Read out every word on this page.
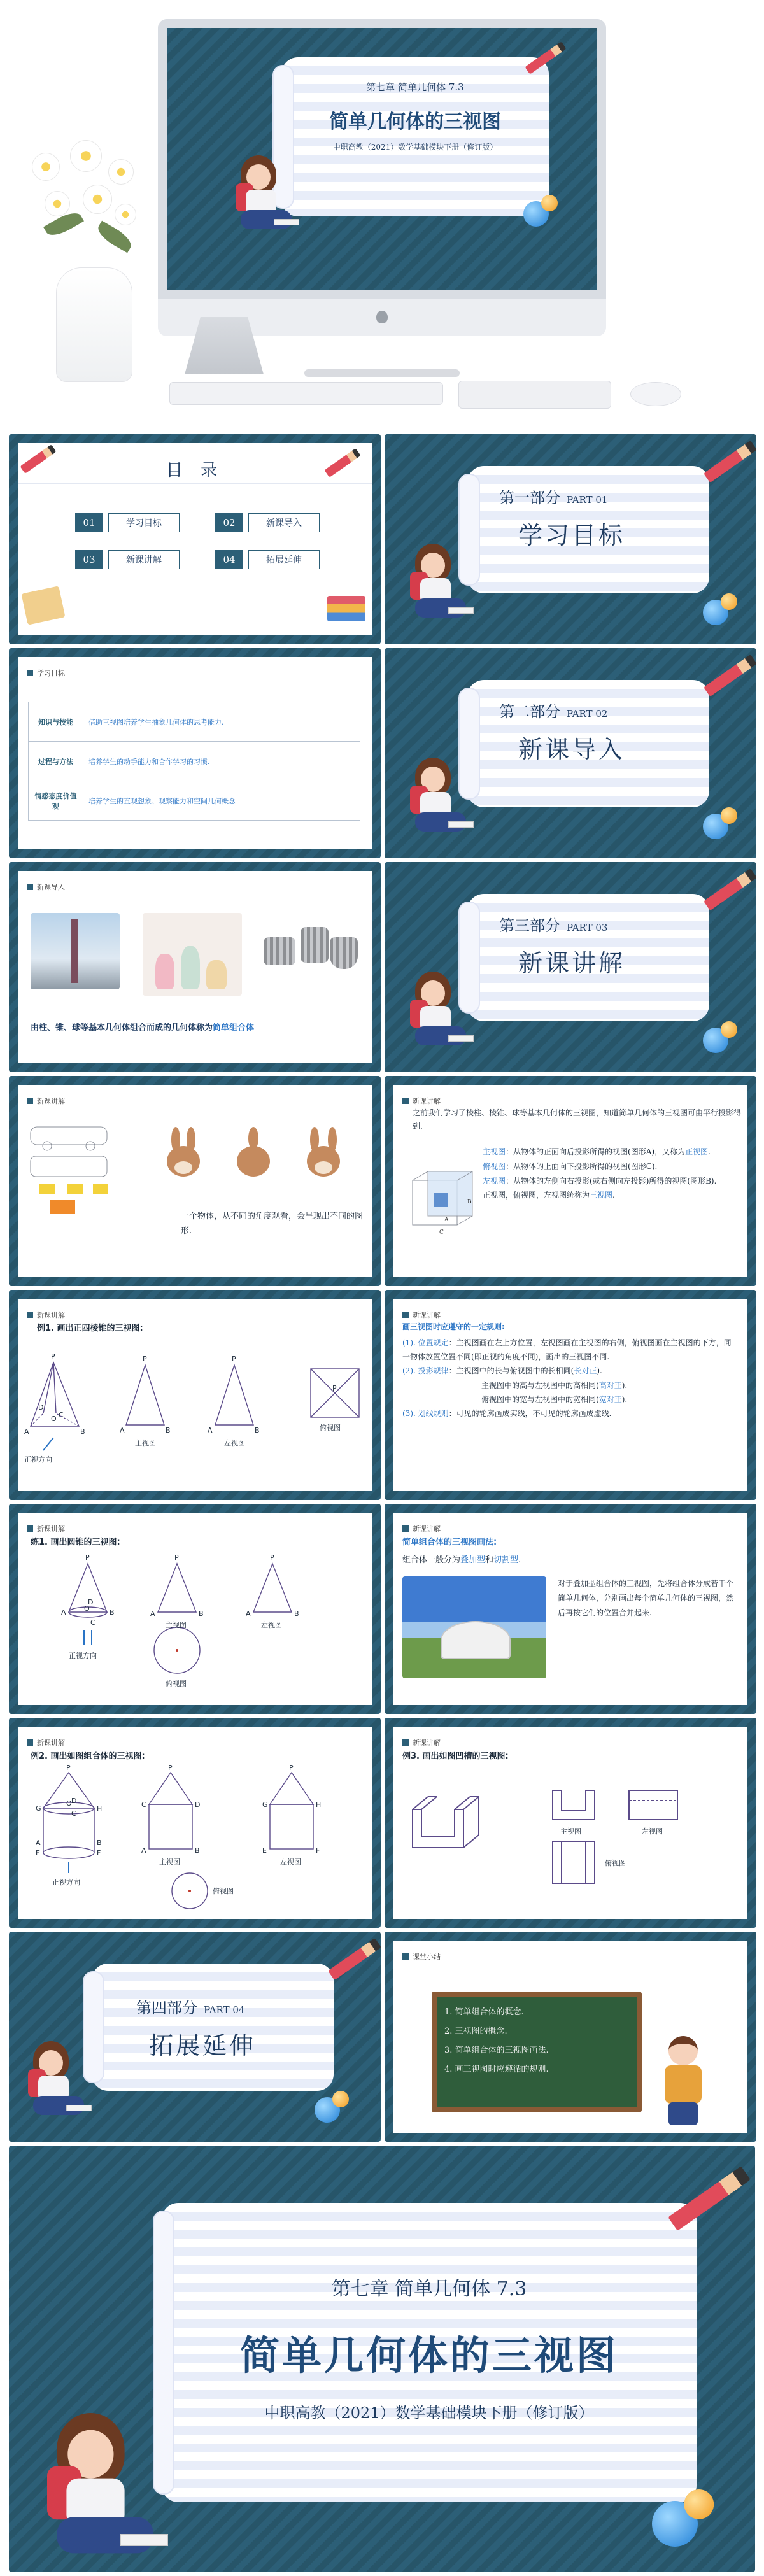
第七章 简单几何体 7.3
简单几何体的三视图
中职高教（2021）数学基础模块下册（修订版）
目 录
01	学习目标	02	新课导入
03	新课讲解	04	拓展延伸
第一部分 PART 01
学习目标
学习目标
知识与技能	借助三视图培养学生抽象几何体的思考能力.
过程与方法	培养学生的动手能力和合作学习的习惯.
情感态度价值观	培养学生的直观想象、观察能力和空间几何概念
第二部分 PART 02
新课导入
新课导入
由柱、锥、球等基本几何体组合而成的几何体称为简单组合体
第三部分 PART 03
新课讲解
新课讲解
一个物体，从不同的角度观看，会呈现出不同的图形.
新课讲解
之前我们学习了棱柱、棱锥、球等基本几何体的三视图，知道简单几何体的三视图可由平行投影得到.
A
B
C
主视图：从物体的正面向后投影所得的视图(图形A)，又称为正视图.
俯视图：从物体的上面向下投影所得的视图(图形C).
左视图：从物体的左侧向右投影(或右侧向左投影)所得的视图(图形B).
正视图，俯视图，左视图统称为三视图.
新课讲解
例1. 画出正四棱锥的三视图:
P
A	B
C
D
O
P
A	B
P
A	B
P
主视图	左视图
俯视图
正视方向
新课讲解
画三视图时应遵守的一定规则:
(1). 位置规定：主视图画在左上方位置，左视图画在主视图的右侧，俯视图画在主视图的下方，同一物体放置位置不同(即正视的角度不同)，画出的三视图不同.
(2). 投影规律：主视图中的长与俯视图中的长相同(长对正).
主视图中的高与左视图中的高相同(高对正).
俯视图中的宽与左视图中的宽相同(宽对正).
(3). 划线规则：可见的轮廓画成实线，不可见的轮廓画成虚线.
新课讲解
练1. 画出圆锥的三视图:
P
A	B
C
D
O
P
A	B
P
A	B
主视图	左视图
俯视图
正视方向
新课讲解
简单组合体的三视图画法:
组合体一般分为叠加型和切割型.
对于叠加型组合体的三视图，先将组合体分成若干个简单几何体，分别画出每个简单几何体的三视图，然后再按它们的位置合并起来.
新课讲解
例2. 画出如图组合体的三视图:
P
G	H
C
D
O
E	F
A	B
P
C	D
A	B
P
G	H
E	F
主视图	左视图
俯视图
正视方向
新课讲解
例3. 画出如图凹槽的三视图:
主视图	左视图
俯视图
第四部分 PART 04
拓展延伸
课堂小结
1. 简单组合体的概念.
2. 三视图的概念.
3. 简单组合体的三视图画法.
4. 画三视图时应遵循的规则.
第七章 简单几何体 7.3
简单几何体的三视图
中职高教（2021）数学基础模块下册（修订版）
